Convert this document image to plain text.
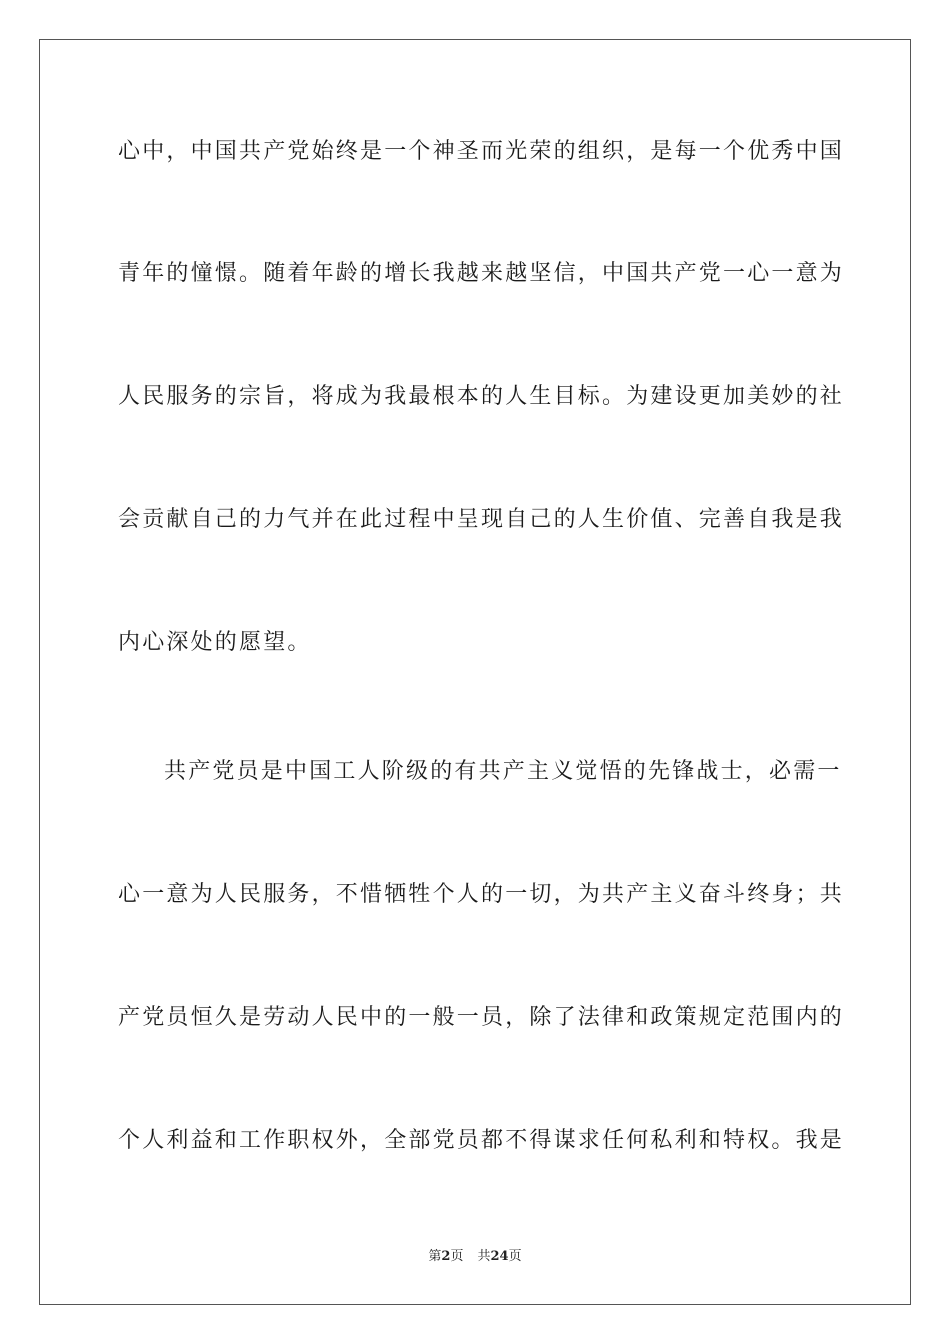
心中，中国共产党始终是一个神圣而光荣的组织，是每一个优秀中国
青年的憧憬。随着年龄的增长我越来越坚信，中国共产党一心一意为
人民服务的宗旨，将成为我最根本的人生目标。为建设更加美妙的社
会贡献自己的力气并在此过程中呈现自己的人生价值、完善自我是我
内心深处的愿望。
共产党员是中国工人阶级的有共产主义觉悟的先锋战士，必需一
心一意为人民服务，不惜牺牲个人的一切，为共产主义奋斗终身；共
产党员恒久是劳动人民中的一般一员，除了法律和政策规定范围内的
个人利益和工作职权外，全部党员都不得谋求任何私利和特权。我是
第2页 共24页
